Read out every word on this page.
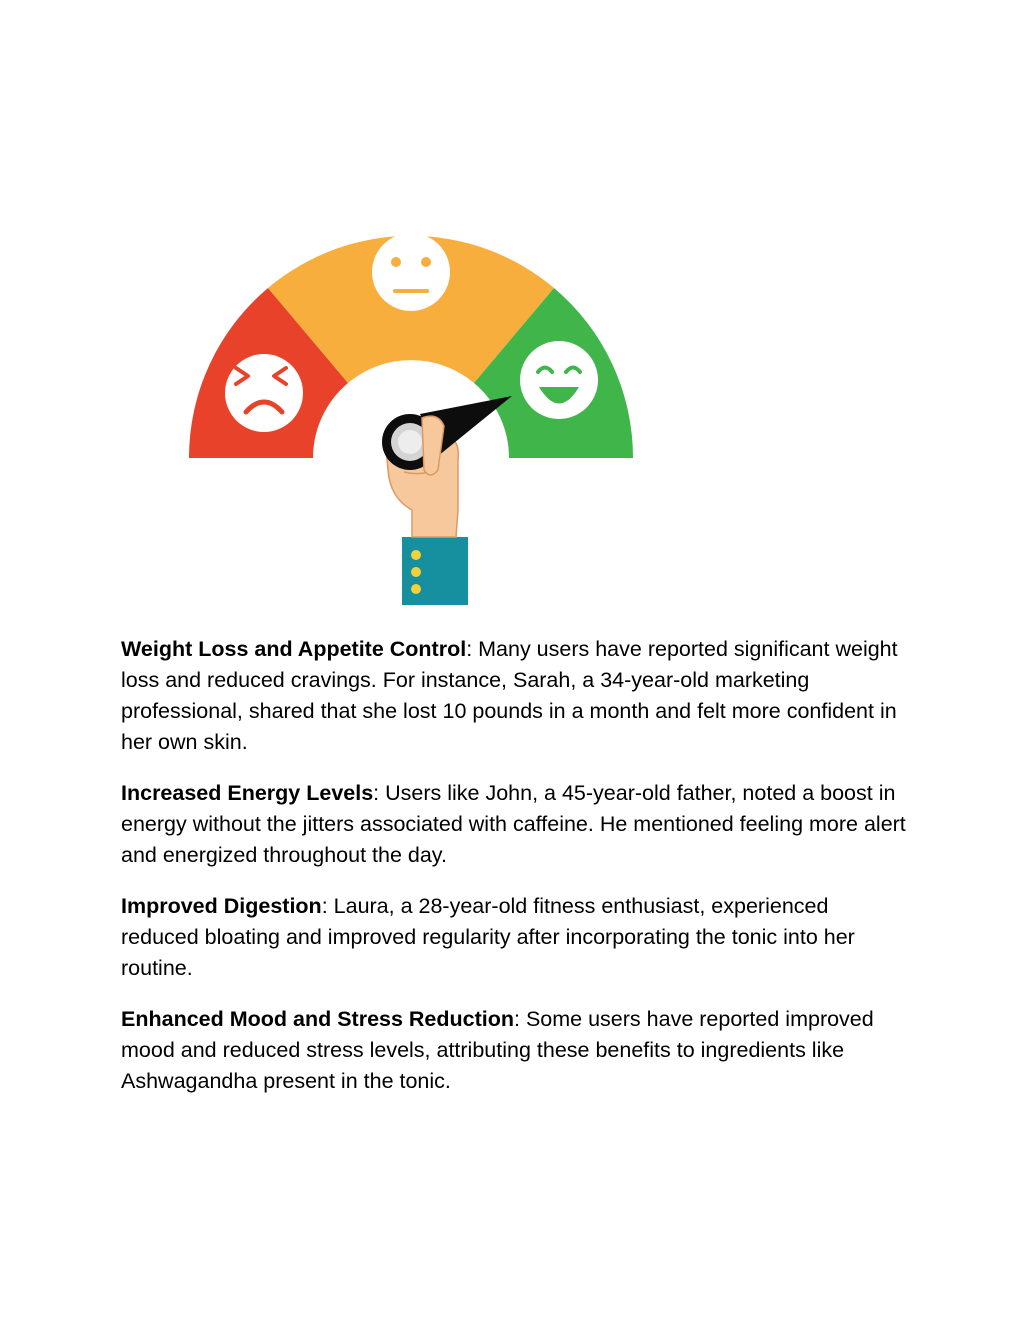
Weight Loss and Appetite Control: Many users have reported significant weight loss and reduced cravings. For instance, Sarah, a 34-year-old marketing professional, shared that she lost 10 pounds in a month and felt more confident in her own skin.

Increased Energy Levels: Users like John, a 45-year-old father, noted a boost in energy without the jitters associated with caffeine. He mentioned feeling more alert and energized throughout the day.

Improved Digestion: Laura, a 28-year-old fitness enthusiast, experienced reduced bloating and improved regularity after incorporating the tonic into her routine.

Enhanced Mood and Stress Reduction: Some users have reported improved mood and reduced stress levels, attributing these benefits to ingredients like Ashwagandha present in the tonic.
